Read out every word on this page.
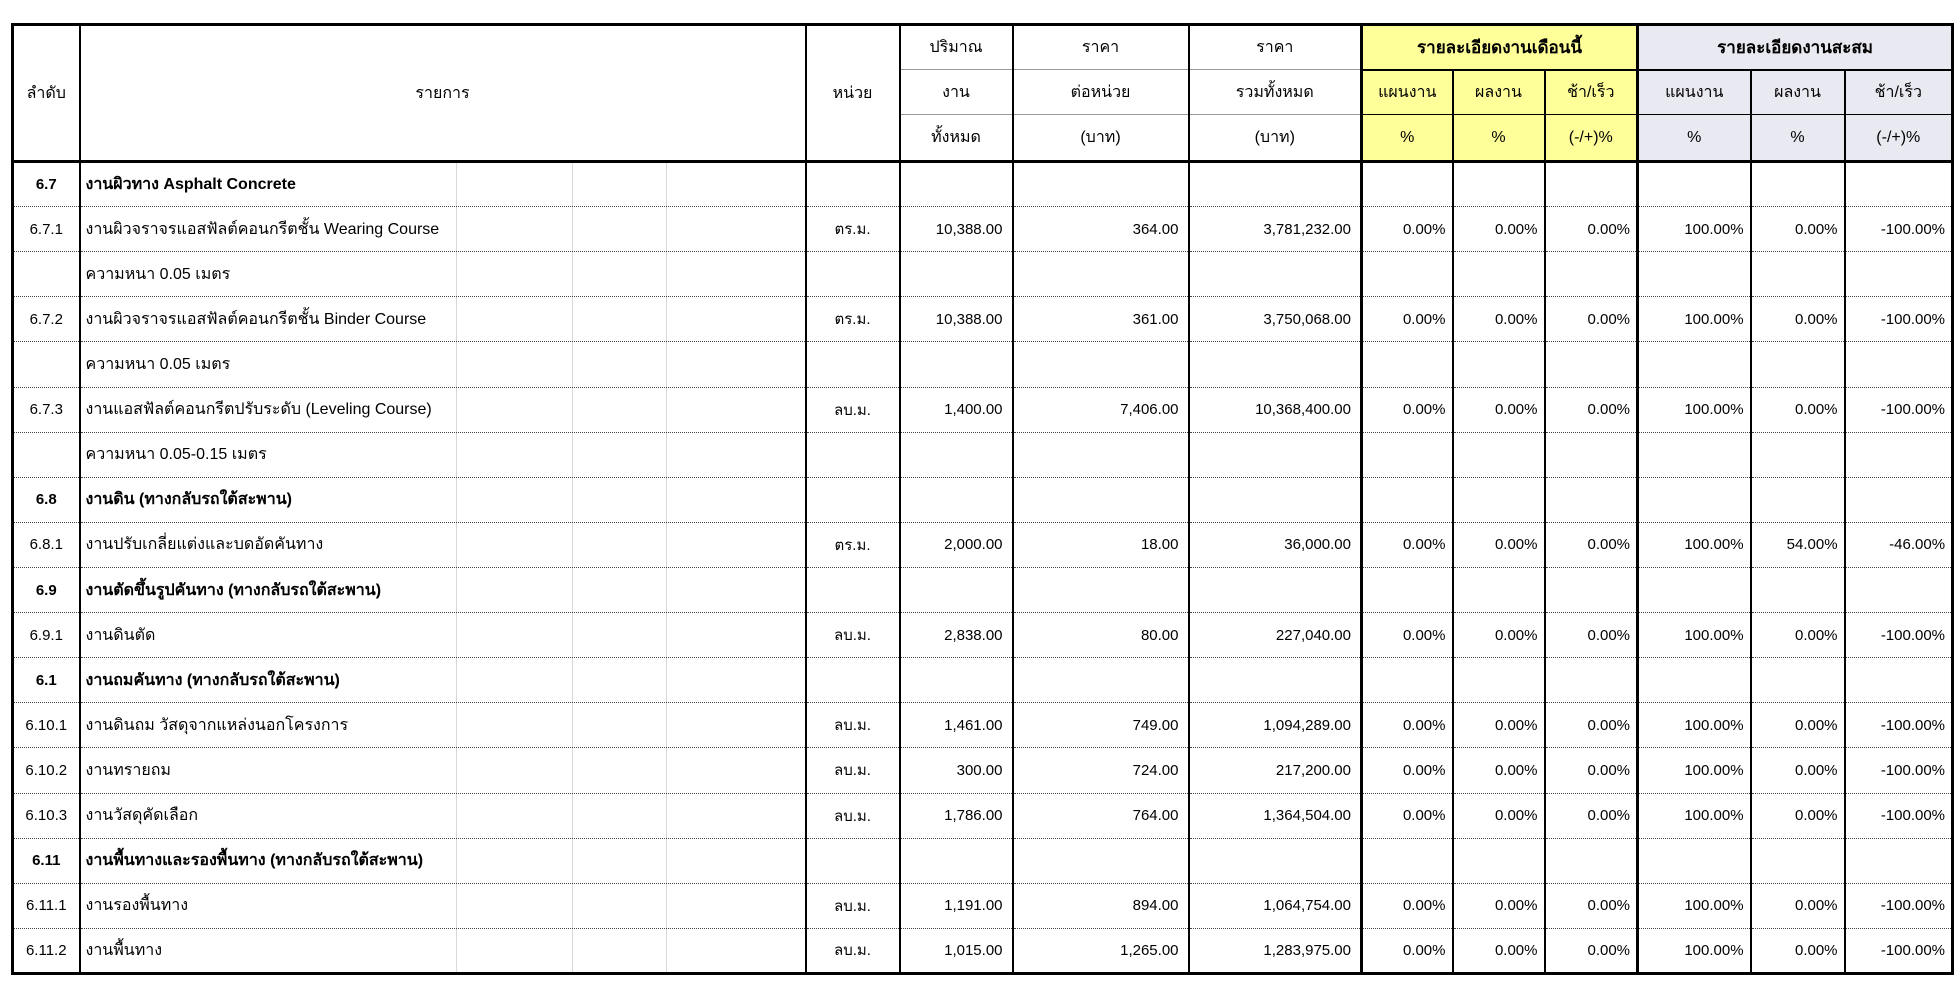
ลำดับ	รายการ	หน่วย	ปริมาณ	ราคา	ราคา	รายละเอียดงานเดือนนี้			รายละเอียดงานสะสม		
			งาน	ต่อหน่วย	รวมทั้งหมด	แผนงาน	ผลงาน	ช้า/เร็ว	แผนงาน	ผลงาน	ช้า/เร็ว
			ทั้งหมด	(บาท)	(บาท)	%	%	(-/+)%	%	%	(-/+)%
6.7	งานผิวทาง Asphalt Concrete										
6.7.1	งานผิวจราจรแอสฟัลต์คอนกรีตชั้น Wearing Course	ตร.ม.	10,388.00	364.00	3,781,232.00	0.00%	0.00%	0.00%	100.00%	0.00%	-100.00%
	ความหนา 0.05 เมตร										
6.7.2	งานผิวจราจรแอสฟัลต์คอนกรีตชั้น Binder Course	ตร.ม.	10,388.00	361.00	3,750,068.00	0.00%	0.00%	0.00%	100.00%	0.00%	-100.00%
	ความหนา 0.05 เมตร										
6.7.3	งานแอสฟัลต์คอนกรีตปรับระดับ (Leveling Course)	ลบ.ม.	1,400.00	7,406.00	10,368,400.00	0.00%	0.00%	0.00%	100.00%	0.00%	-100.00%
	ความหนา 0.05-0.15 เมตร										
6.8	งานดิน (ทางกลับรถใต้สะพาน)										
6.8.1	งานปรับเกลี่ยแต่งและบดอัดคันทาง	ตร.ม.	2,000.00	18.00	36,000.00	0.00%	0.00%	0.00%	100.00%	54.00%	-46.00%
6.9	งานตัดขึ้นรูปคันทาง (ทางกลับรถใต้สะพาน)										
6.9.1	งานดินตัด	ลบ.ม.	2,838.00	80.00	227,040.00	0.00%	0.00%	0.00%	100.00%	0.00%	-100.00%
6.1	งานถมคันทาง (ทางกลับรถใต้สะพาน)										
6.10.1	งานดินถม วัสดุจากแหล่งนอกโครงการ	ลบ.ม.	1,461.00	749.00	1,094,289.00	0.00%	0.00%	0.00%	100.00%	0.00%	-100.00%
6.10.2	งานทรายถม	ลบ.ม.	300.00	724.00	217,200.00	0.00%	0.00%	0.00%	100.00%	0.00%	-100.00%
6.10.3	งานวัสดุคัดเลือก	ลบ.ม.	1,786.00	764.00	1,364,504.00	0.00%	0.00%	0.00%	100.00%	0.00%	-100.00%
6.11	งานพื้นทางและรองพื้นทาง (ทางกลับรถใต้สะพาน)										
6.11.1	งานรองพื้นทาง	ลบ.ม.	1,191.00	894.00	1,064,754.00	0.00%	0.00%	0.00%	100.00%	0.00%	-100.00%
6.11.2	งานพื้นทาง	ลบ.ม.	1,015.00	1,265.00	1,283,975.00	0.00%	0.00%	0.00%	100.00%	0.00%	-100.00%
